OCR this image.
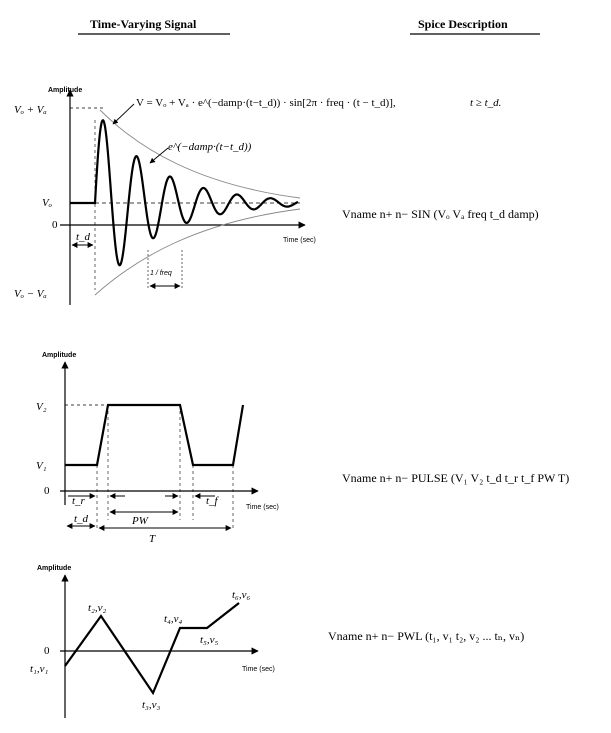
Time-Varying Signal	Spice Description
Amplitude
Time (sec)
Vₒ + Vₐ
Vₒ
0
Vₒ − Vₐ
t_d
1 / freq
V = Vₒ + Vₐ · e^(−damp·(t−t_d)) · sin[2π · freq · (t − t_d)],	t ≥ t_d.
e^(−damp·(t−t_d))
Vname n+ n− SIN (Vₒ Vₐ freq t_d damp)
Amplitude
Time (sec)
V₂
V₁
0
t_r	t_f
PW
t_d
T
Vname n+ n− PULSE (V₁ V₂ t_d t_r t_f PW T)
Amplitude
Time (sec)
0
t₁,v₁
t₂,v₂
t₃,v₃
t₄,v₄
t₅,v₅
t₆,v₆
Vname n+ n− PWL (t₁, v₁ t₂, v₂ ... tₙ, vₙ)
